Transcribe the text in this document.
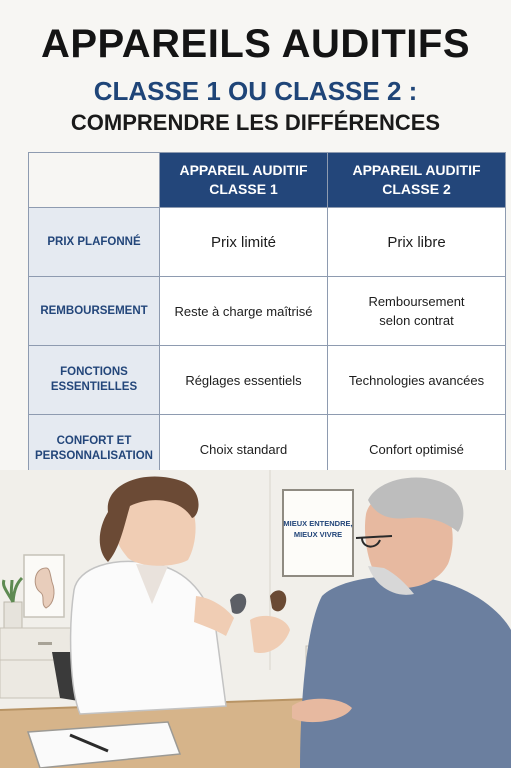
APPAREILS AUDITIFS
CLASSE 1 OU CLASSE 2 :
COMPRENDRE LES DIFFÉRENCES
	APPAREIL AUDITIF
CLASSE 1	APPAREIL AUDITIF
CLASSE 2
PRIX PLAFONNÉ	Prix limité	Prix libre
REMBOURSEMENT	Reste à charge maîtrisé	Remboursement
selon contrat
FONCTIONS
ESSENTIELLES	Réglages essentiels	Technologies avancées
CONFORT ET
PERSONNALISATION	Choix standard	Confort optimisé
MIEUX ENTENDRE,
MIEUX VIVRE
